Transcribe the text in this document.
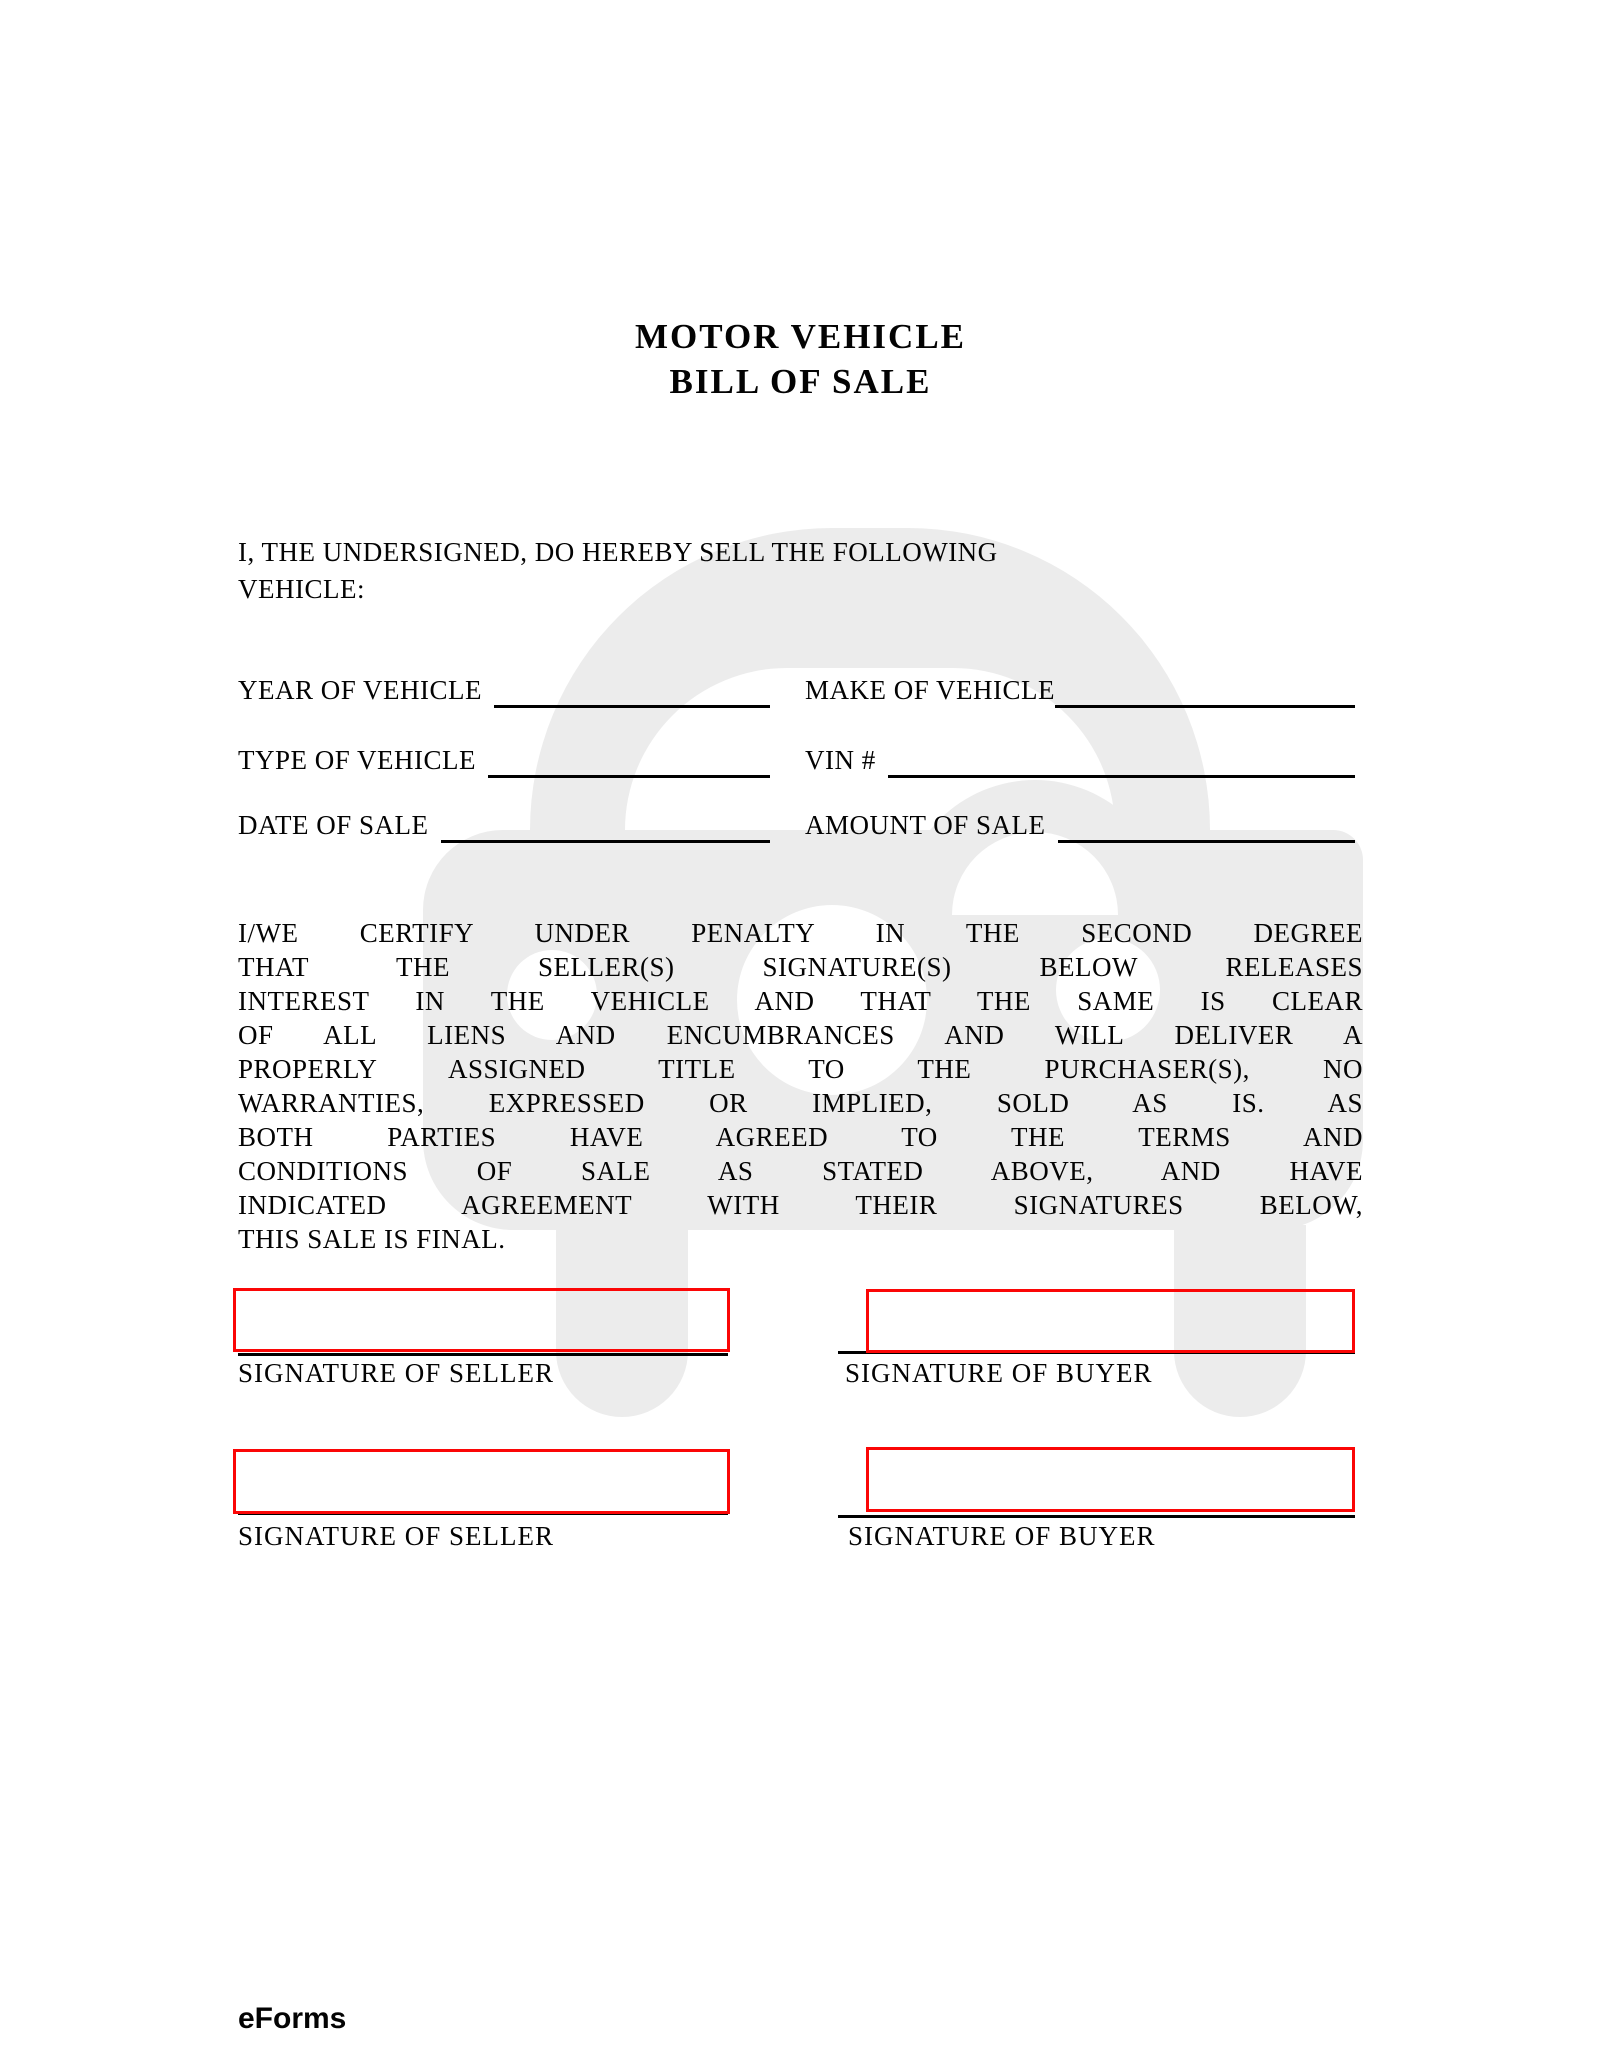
MOTOR VEHICLE
BILL OF SALE
I, THE UNDERSIGNED, DO HEREBY SELL THE FOLLOWING
VEHICLE:
YEAR OF VEHICLE	MAKE OF VEHICLE
TYPE OF VEHICLE	VIN #
DATE OF SALE	AMOUNT OF SALE
I/WE CERTIFY UNDER PENALTY IN THE SECOND DEGREE
THAT THE SELLER(S) SIGNATURE(S) BELOW RELEASES
INTEREST IN THE VEHICLE AND THAT THE SAME IS CLEAR
OF ALL LIENS AND ENCUMBRANCES AND WILL DELIVER A
PROPERLY ASSIGNED TITLE TO THE PURCHASER(S), NO
WARRANTIES, EXPRESSED OR IMPLIED, SOLD AS IS. AS
BOTH PARTIES HAVE AGREED TO THE TERMS AND
CONDITIONS OF SALE AS STATED ABOVE, AND HAVE
INDICATED AGREEMENT WITH THEIR SIGNATURES BELOW,
THIS SALE IS FINAL.
SIGNATURE OF SELLER	SIGNATURE OF BUYER
SIGNATURE OF SELLER	SIGNATURE OF BUYER
eForms
